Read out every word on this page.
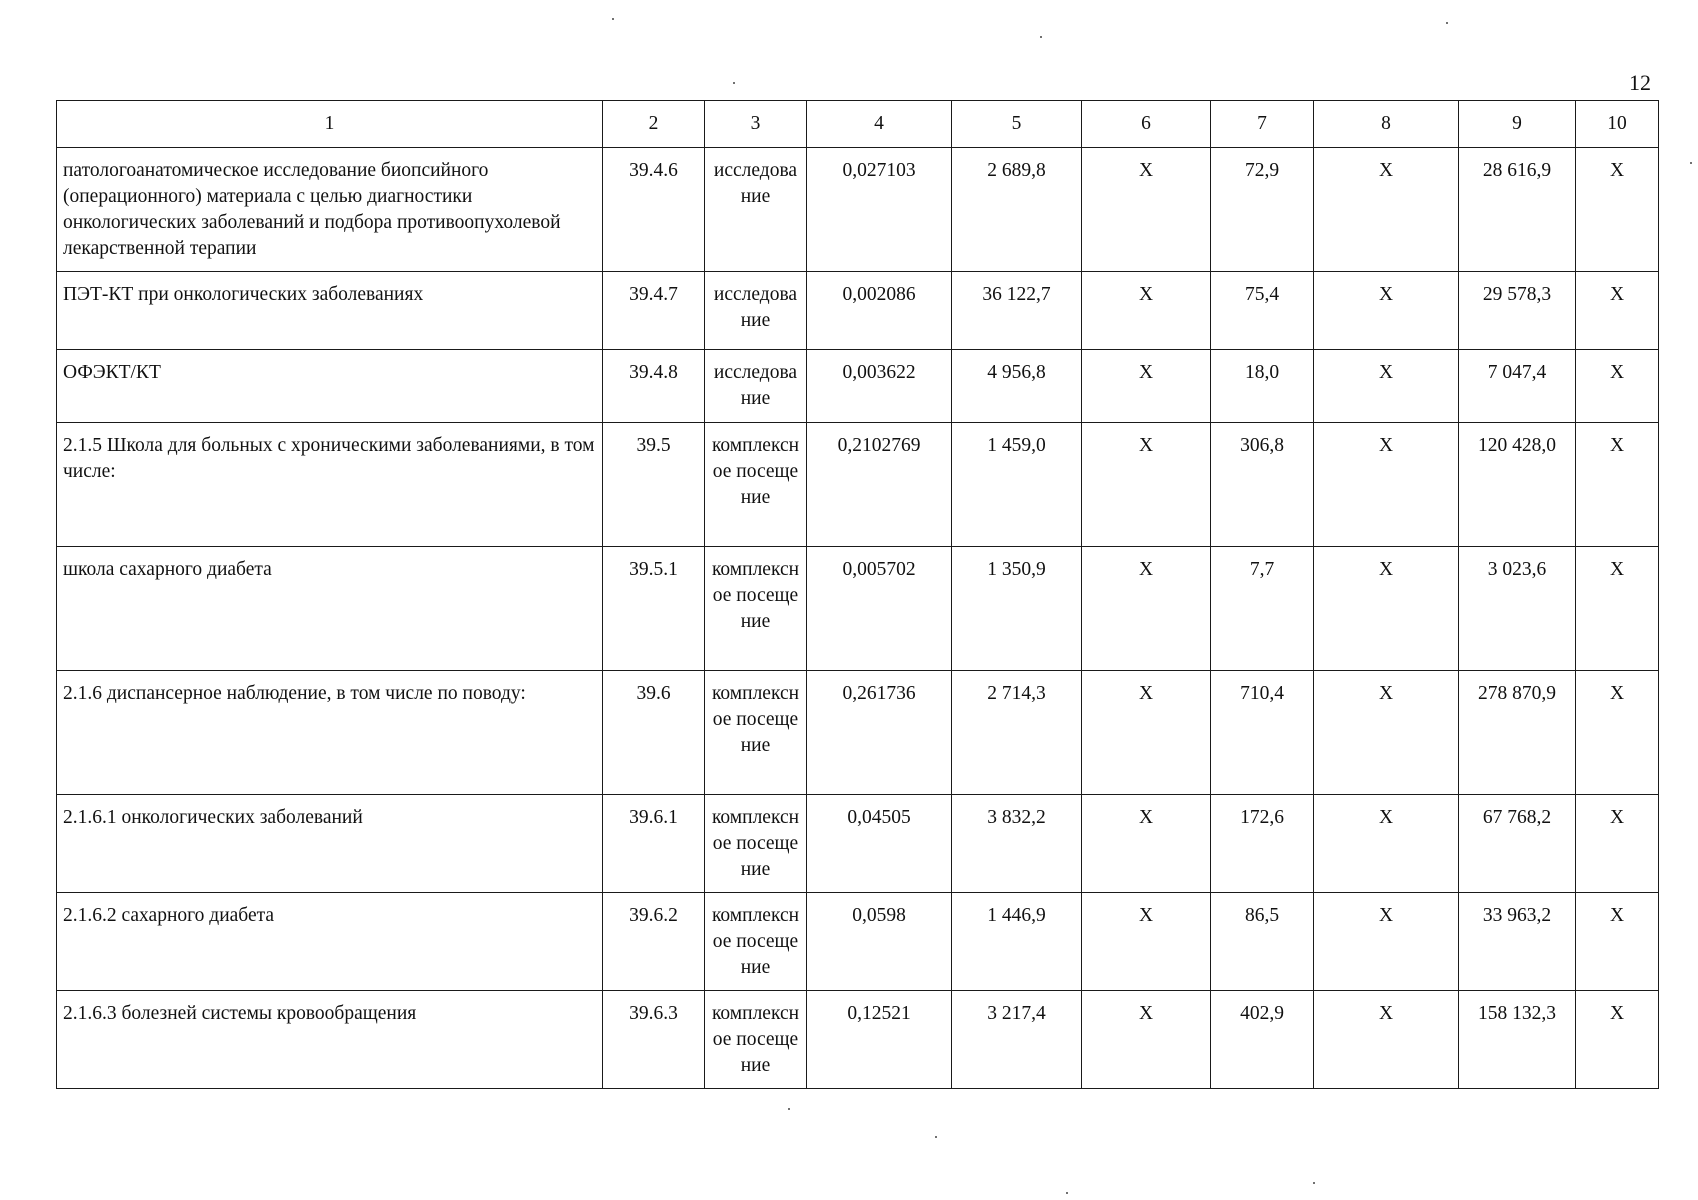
12
1	2	3	4	5	6	7	8	9	10
патологоанатомическое исследование биопсийного (операционного) материала с целью диагностики онкологических заболеваний и подбора противоопухолевой лекарственной терапии	39.4.6	исследование	0,027103	2 689,8	Х	72,9	Х	28 616,9	Х
ПЭТ-КТ при онкологических заболеваниях	39.4.7	исследование	0,002086	36 122,7	Х	75,4	Х	29 578,3	Х
ОФЭКТ/КТ	39.4.8	исследование	0,003622	4 956,8	Х	18,0	Х	7 047,4	Х
2.1.5 Школа для больных с хроническими заболеваниями, в том числе:	39.5	комплексное посещение	0,2102769	1 459,0	Х	306,8	Х	120 428,0	Х
школа сахарного диабета	39.5.1	комплексное посещение	0,005702	1 350,9	Х	7,7	Х	3 023,6	Х
2.1.6 диспансерное наблюдение, в том числе по поводу:	39.6	комплексное посещение	0,261736	2 714,3	Х	710,4	Х	278 870,9	Х
2.1.6.1 онкологических заболеваний	39.6.1	комплексное посещение	0,04505	3 832,2	Х	172,6	Х	67 768,2	Х
2.1.6.2 сахарного диабета	39.6.2	комплексное посещение	0,0598	1 446,9	Х	86,5	Х	33 963,2	Х
2.1.6.3 болезней системы кровообращения	39.6.3	комплексное посещение	0,12521	3 217,4	Х	402,9	Х	158 132,3	Х
